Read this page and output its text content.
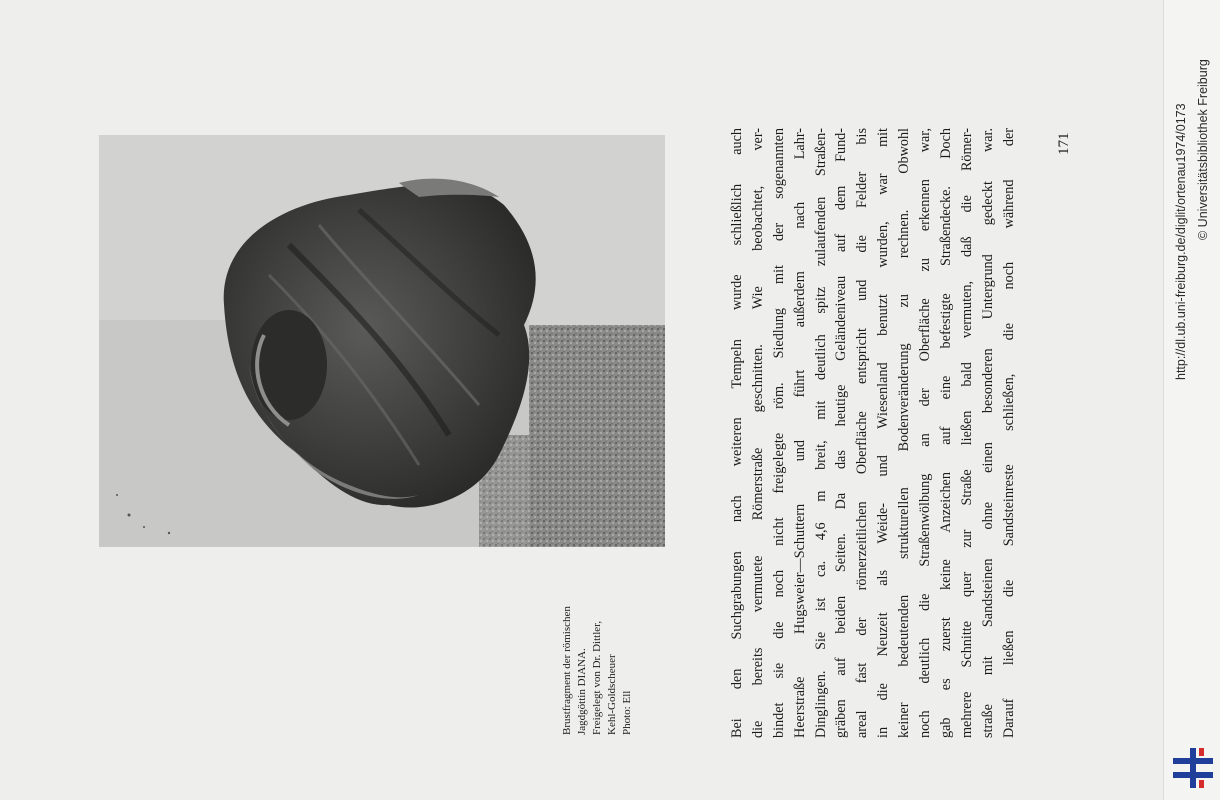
Brustfragment der römischen Jagdgöttin DIANA. Freigelegt von Dr. Dittler, Kehl-Goldscheuer Photo: Ell	Bei den Suchgrabungen nach weiteren Tempeln wurde schließlich auch die bereits vermutete Römerstraße geschnitten. Wie beobachtet, ver- bindet sie die noch nicht freigelegte röm. Siedlung mit der sogenannten Heerstraße Hugsweier—Schuttern und führt außerdem nach Lahr- Dinglingen. Sie ist ca. 4,6 m breit, mit deutlich spitz zulaufenden Straßen- gräben auf beiden Seiten. Da das heutige Geländeniveau auf dem Fund- areal fast der römerzeitlichen Oberfläche entspricht und die Felder bis in die Neuzeit als Weide- und Wiesenland benutzt wurden, war mit keiner bedeutenden strukturellen Bodenveränderung zu rechnen. Obwohl noch deutlich die Straßenwölbung an der Oberfläche zu erkennen war, gab es zuerst keine Anzeichen auf eine befestigte Straßendecke. Doch mehrere Schnitte quer zur Straße ließen bald vermuten, daß die Römer- straße mit Sandsteinen ohne einen besonderen Untergrund gedeckt war. Darauf ließen die Sandsteinreste schließen, die noch während der	171	http://dl.ub.uni-freiburg.de/diglit/ortenau1974/0173 © Universitätsbibliothek Freiburg
